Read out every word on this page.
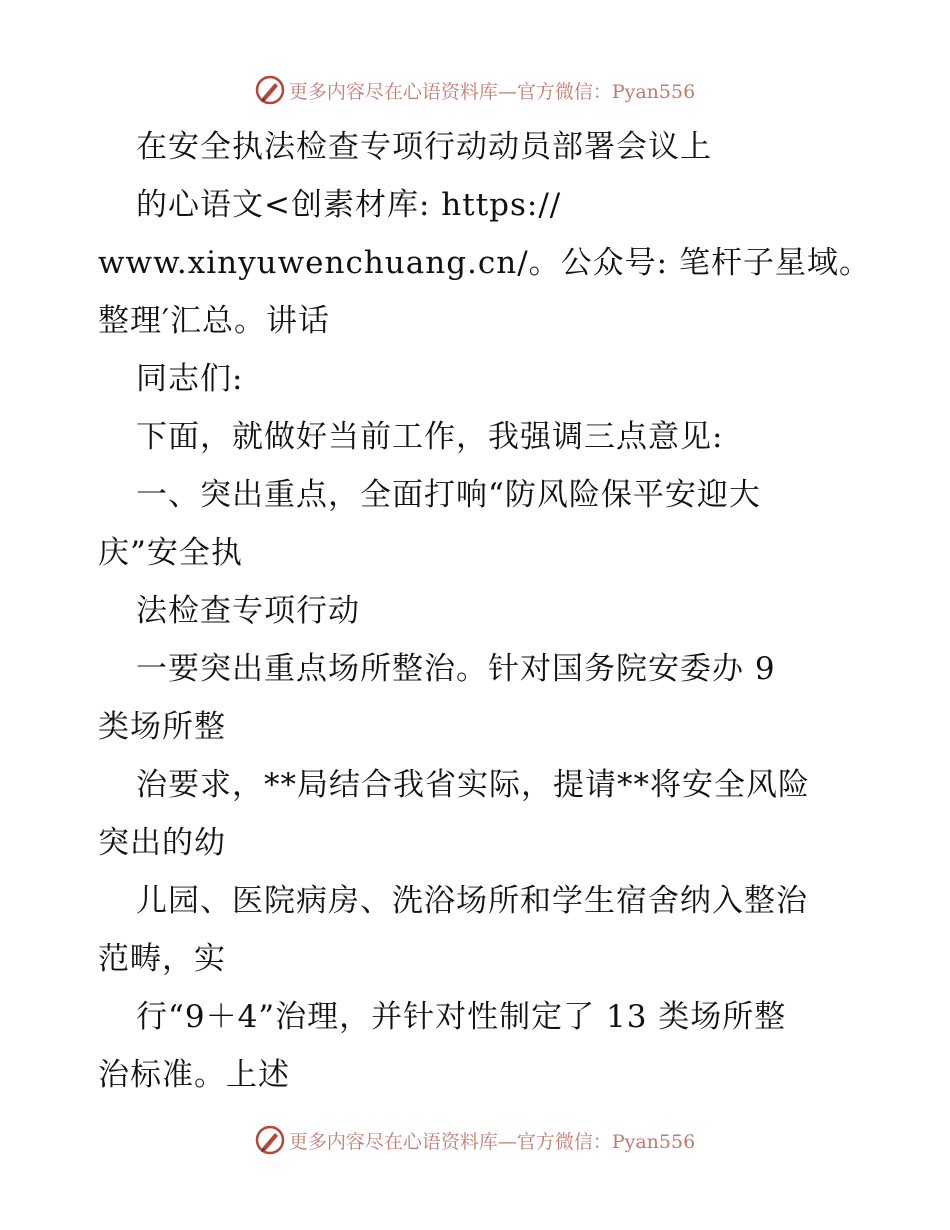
更多内容尽在心语资料库—官方微信：Pyan556
在安全执法检查专项行动动员部署会议上
的心语文<创素材库: https://
www.xinyuwenchuang.cn/。公众号: 笔杆子星域。
整理′汇总。讲话
同志们:
下面，就做好当前工作，我强调三点意见:
一、突出重点，全面打响“防风险保平安迎大
庆”安全执
法检查专项行动
一要突出重点场所整治。针对国务院安委办 9
类场所整
治要求，**局结合我省实际，提请**将安全风险
突出的幼
儿园、医院病房、洗浴场所和学生宿舍纳入整治
范畴，实
行“9＋4”治理，并针对性制定了 13 类场所整
治标准。上述
更多内容尽在心语资料库—官方微信：Pyan556
